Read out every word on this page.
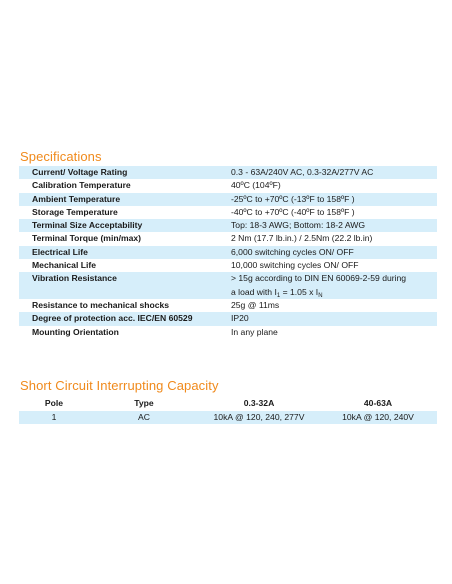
Specifications
Current/ Voltage Rating	0.3 - 63A/240V AC, 0.3-32A/277V AC
Calibration Temperature	40ºC (104ºF)
Ambient Temperature	-25ºC to +70ºC (-13ºF to 158ºF )
Storage Temperature	-40ºC to +70ºC (-40ºF to 158ºF )
Terminal Size Acceptability	Top: 18-3 AWG; Bottom: 18-2 AWG
Terminal Torque (min/max)	2 Nm (17.7 lb.in.) / 2.5Nm (22.2 lb.in)
Electrical Life	6,000 switching cycles ON/ OFF
Mechanical Life	10,000 switching cycles ON/ OFF
Vibration Resistance	> 15g according to DIN EN 60069-2-59 during
a load with $I_1 = 1.05$ x $I_N$
Resistance to mechanical shocks	25g @ 11ms
Degree of protection acc. IEC/EN 60529	IP20
Mounting Orientation	In any plane
Short Circuit Interrupting Capacity
Pole	Type	0.3-32A	40-63A
1	AC	10kA @ 120, 240, 277V	10kA @ 120, 240V
